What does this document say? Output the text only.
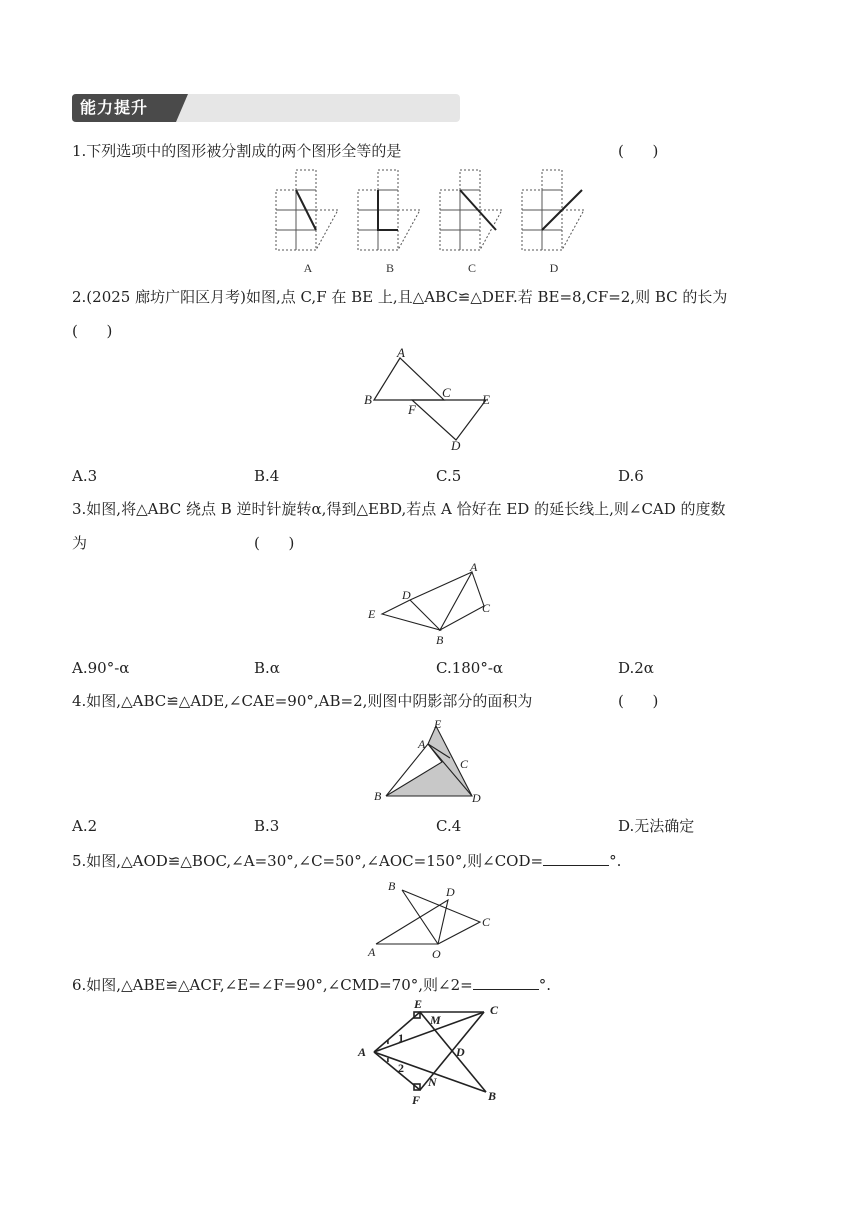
能力提升
1.下列选项中的图形被分割成的两个图形全等的是	(      )
A	B	C	D
2.(2025 廊坊广阳区月考)如图,点 C,F 在 BE 上,且△ABC≌△DEF.若 BE=8,CF=2,则 BC 的长为
(      )
A
B	C
D
E
F
A.3	B.4	C.5	D.6
3.如图,将△ABC 绕点 B 逆时针旋转α,得到△EBD,若点 A 恰好在 ED 的延长线上,则∠CAD 的度数
为	(      )
A
B
C
D
E
A.90°-α	B.α	C.180°-α	D.2α
4.如图,△ABC≌△ADE,∠CAE=90°,AB=2,则图中阴影部分的面积为	(      )
E
A
C
B	D
A.2	B.3	C.4	D.无法确定
5.如图,△AOD≌△BOC,∠A=30°,∠C=50°,∠AOC=150°,则∠COD=	°.
A
B
C
D
O
6.如图,△ABE≌△ACF,∠E=∠F=90°,∠CMD=70°,则∠2=	°.
E
M
C
A	D
N
B
F
1
2
